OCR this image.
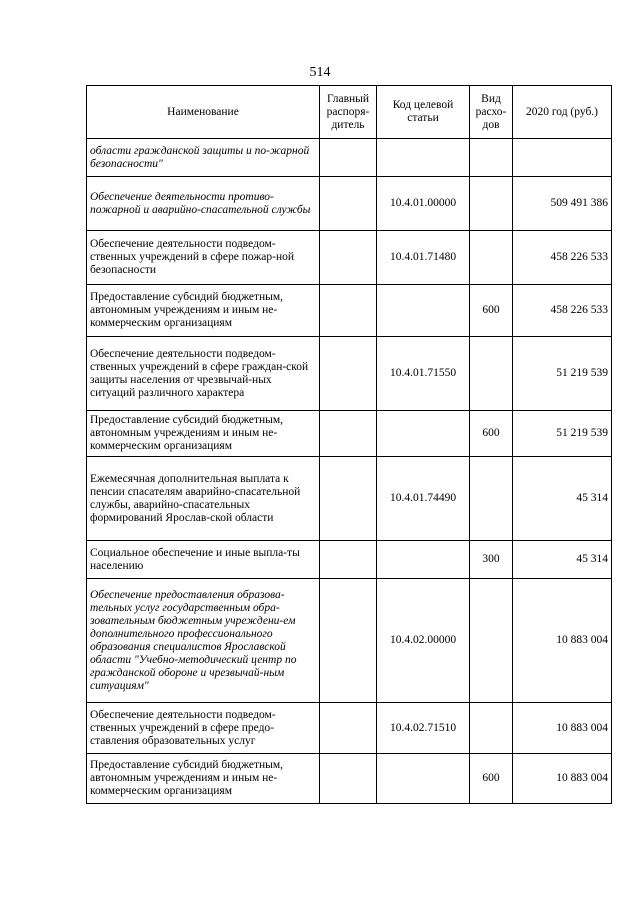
514
Наименование	Главный распоря-дитель	Код целевой статьи	Вид расхо-дов	2020 год (руб.)
области гражданской защиты и по-жарной безопасности"				
Обеспечение деятельности противо-пожарной и аварийно-спасательной службы		10.4.01.00000		509 491 386
Обеспечение деятельности подведом-ственных учреждений в сфере пожар-ной безопасности		10.4.01.71480		458 226 533
Предоставление субсидий бюджетным, автономным учреждениям и иным не-коммерческим организациям			600	458 226 533
Обеспечение деятельности подведом-ственных учреждений в сфере граждан-ской защиты населения от чрезвычай-ных ситуаций различного характера		10.4.01.71550		51 219 539
Предоставление субсидий бюджетным, автономным учреждениям и иным не-коммерческим организациям			600	51 219 539
Ежемесячная дополнительная выплата к пенсии спасателям аварийно-спасательной службы, аварийно-спасательных формирований Ярослав-ской области		10.4.01.74490		45 314
Социальное обеспечение и иные выпла-ты населению			300	45 314
Обеспечение предоставления образова-тельных услуг государственным обра-зовательным бюджетным учреждени-ем дополнительного профессионального образования специалистов Ярославской области "Учебно-методический центр по гражданской обороне и чрезвычай-ным ситуациям"		10.4.02.00000		10 883 004
Обеспечение деятельности подведом-ственных учреждений в сфере предо-ставления образовательных услуг		10.4.02.71510		10 883 004
Предоставление субсидий бюджетным, автономным учреждениям и иным не-коммерческим организациям			600	10 883 004
